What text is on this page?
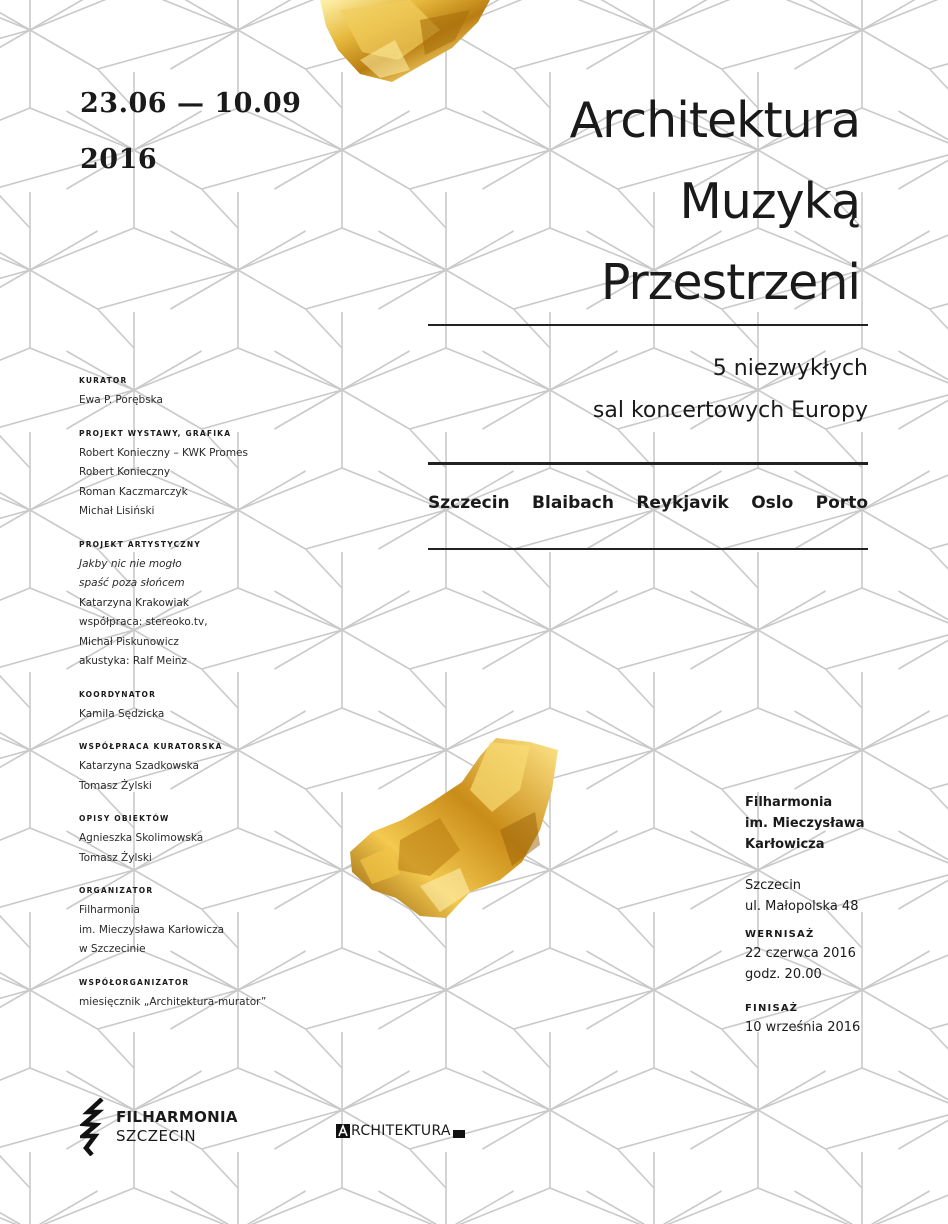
23.06 — 10.09
2016
Architektura
Muzyką
Przestrzeni
5 niezwykłych
sal koncertowych Europy
Szczecin Blaibach Reykjavik Oslo Porto
KURATOR
Ewa P. Porębska
PROJEKT WYSTAWY, GRAFIKA
Robert Konieczny – KWK Promes
Robert Konieczny
Roman Kaczmarczyk
Michał Lisiński
PROJEKT ARTYSTYCZNY
Jakby nic nie mogło
spaść poza słońcem
Katarzyna Krakowiak
współpraca: stereoko.tv,
Michał Piskunowicz
akustyka: Ralf Meinz
KOORDYNATOR
Kamila Sędzicka
WSPÓŁPRACA KURATORSKA
Katarzyna Szadkowska
Tomasz Żylski
OPISY OBIEKTÓW
Agnieszka Skolimowska
Tomasz Żylski
ORGANIZATOR
Filharmonia
im. Mieczysława Karłowicza
w Szczecinie
WSPÓŁORGANIZATOR
miesięcznik „Architektura-murator”
Filharmonia
im. Mieczysława
Karłowicza
Szczecin
ul. Małopolska 48
WERNISAŻ
22 czerwca 2016
godz. 20.00
FINISAŻ
10 września 2016
FILHARMONIA
SZCZECIN	RCHITEKTURA
